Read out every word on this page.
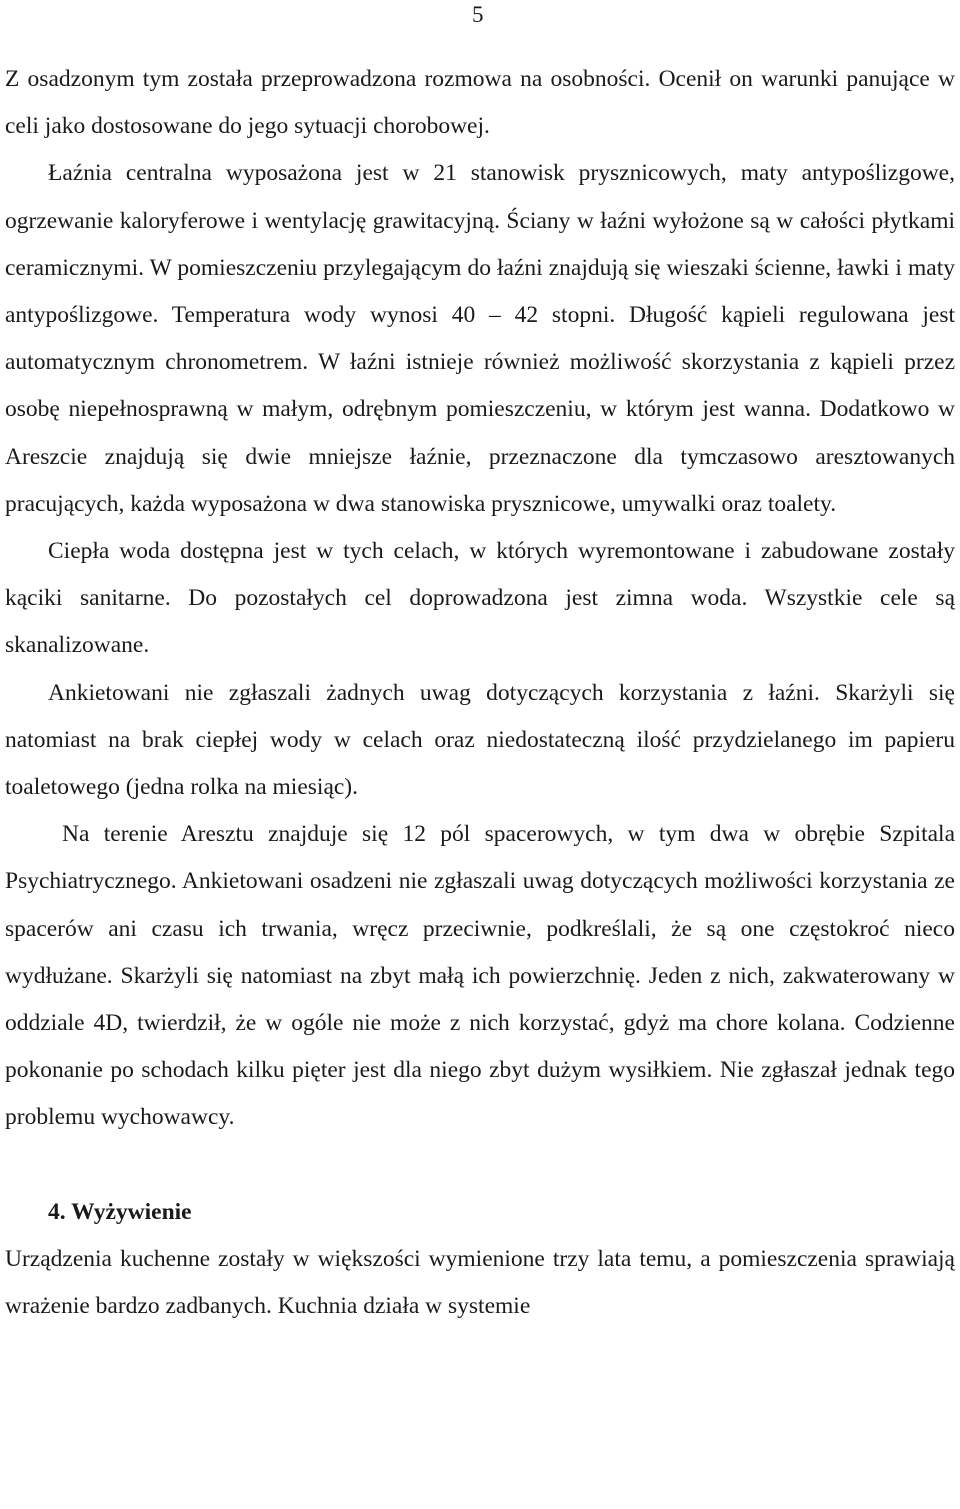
5

Z osadzonym tym została przeprowadzona rozmowa na osobności. Ocenił on warunki panujące w celi jako dostosowane do jego sytuacji chorobowej.

Łaźnia centralna wyposażona jest w 21 stanowisk prysznicowych, maty antypoślizgowe, ogrzewanie kaloryferowe i wentylację grawitacyjną. Ściany w łaźni wyłożone są w całości płytkami ceramicznymi. W pomieszczeniu przylegającym do łaźni znajdują się wieszaki ścienne, ławki i maty antypoślizgowe. Temperatura wody wynosi 40 – 42 stopni. Długość kąpieli regulowana jest automatycznym chronometrem. W łaźni istnieje również możliwość skorzystania z kąpieli przez osobę niepełnosprawną w małym, odrębnym pomieszczeniu, w którym jest wanna. Dodatkowo w Areszcie znajdują się dwie mniejsze łaźnie, przeznaczone dla tymczasowo aresztowanych pracujących, każda wyposażona w dwa stanowiska prysznicowe, umywalki oraz toalety.

Ciepła woda dostępna jest w tych celach, w których wyremontowane i zabudowane zostały kąciki sanitarne. Do pozostałych cel doprowadzona jest zimna woda. Wszystkie cele są skanalizowane.

Ankietowani nie zgłaszali żadnych uwag dotyczących korzystania z łaźni. Skarżyli się natomiast na brak ciepłej wody w celach oraz niedostateczną ilość przydzielanego im papieru toaletowego (jedna rolka na miesiąc).

Na terenie Aresztu znajduje się 12 pól spacerowych, w tym dwa w obrębie Szpitala Psychiatrycznego. Ankietowani osadzeni nie zgłaszali uwag dotyczących możliwości korzystania ze spacerów ani czasu ich trwania, wręcz przeciwnie, podkreślali, że są one częstokroć nieco wydłużane. Skarżyli się natomiast na zbyt małą ich powierzchnię. Jeden z nich, zakwaterowany w oddziale 4D, twierdził, że w ogóle nie może z nich korzystać, gdyż ma chore kolana. Codzienne pokonanie po schodach kilku pięter jest dla niego zbyt dużym wysiłkiem. Nie zgłaszał jednak tego problemu wychowawcy.

4. Wyżywienie

Urządzenia kuchenne zostały w większości wymienione trzy lata temu, a pomieszczenia sprawiają wrażenie bardzo zadbanych. Kuchnia działa w systemie
